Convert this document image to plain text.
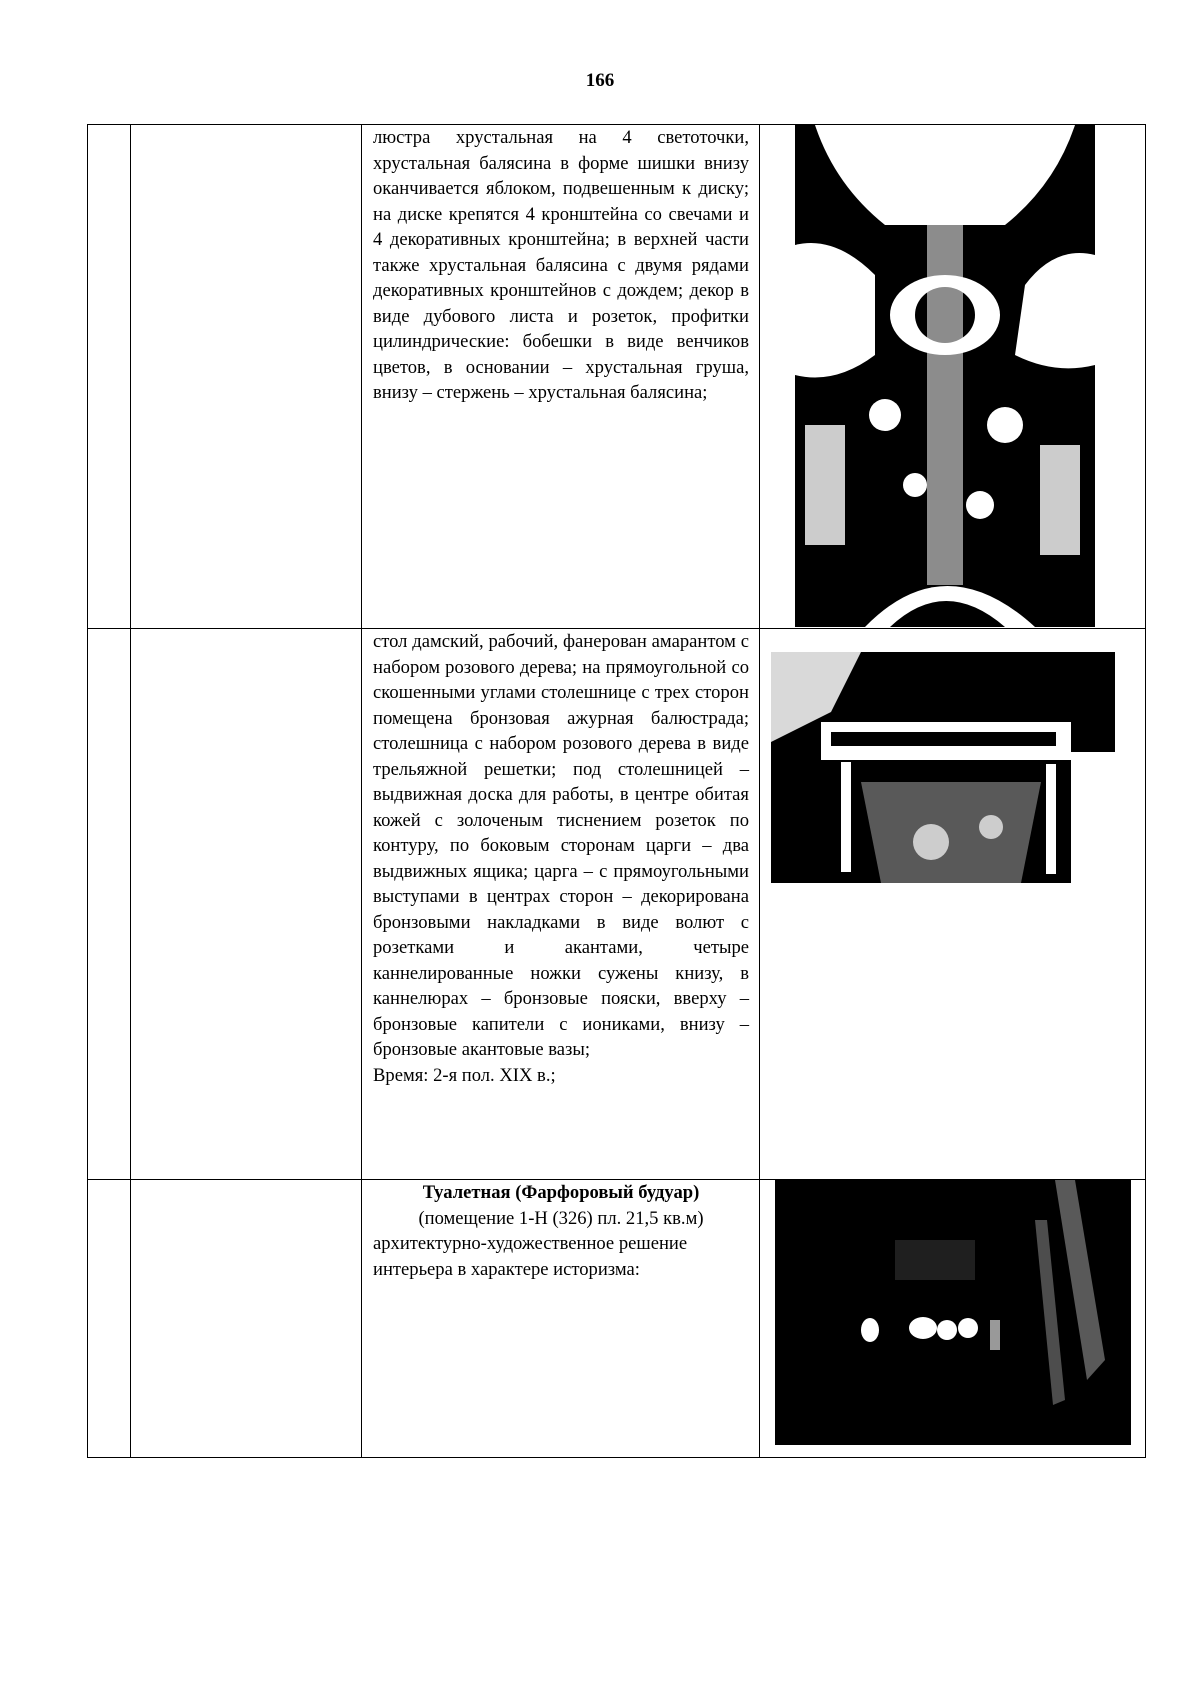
166

		люстра хрустальная на 4 светоточки, хрустальная балясина в форме шишки внизу оканчивается яблоком, подвешенным к диску; на диске крепятся 4 кронштейна со свечами и 4 декоративных кронштейна; в верхней части также хрустальная балясина с двумя рядами декоративных кронштейнов с дождем; декор в виде дубового листа и розеток, профитки цилиндрические: бобешки в виде венчиков цветов, в основании – хрустальная груша, внизу – стержень – хрустальная балясина;

		стол дамский, рабочий, фанерован амарантом с набором розового дерева; на прямоугольной со скошенными углами столешнице с трех сторон помещена бронзовая ажурная балюстрада; столешница с набором розового дерева в виде трельяжной решетки; под столешницей – выдвижная доска для работы, в центре обитая кожей с золоченым тиснением розеток по контуру, по боковым сторонам царги – два выдвижных ящика; царга – с прямоугольными выступами в центрах сторон – декорирована бронзовыми накладками в виде волют с розетками и акантами, четыре каннелированные ножки сужены книзу, в каннелюрах – бронзовые пояски, вверху – бронзовые капители с иониками, внизу – бронзовые акантовые вазы;

Время: 2-я пол. XIX в.;

		Туалетная (Фарфоровый будуар)

(помещение 1-Н (326) пл. 21,5 кв.м)

архитектурно-художественное решение интерьера в характере историзма:
